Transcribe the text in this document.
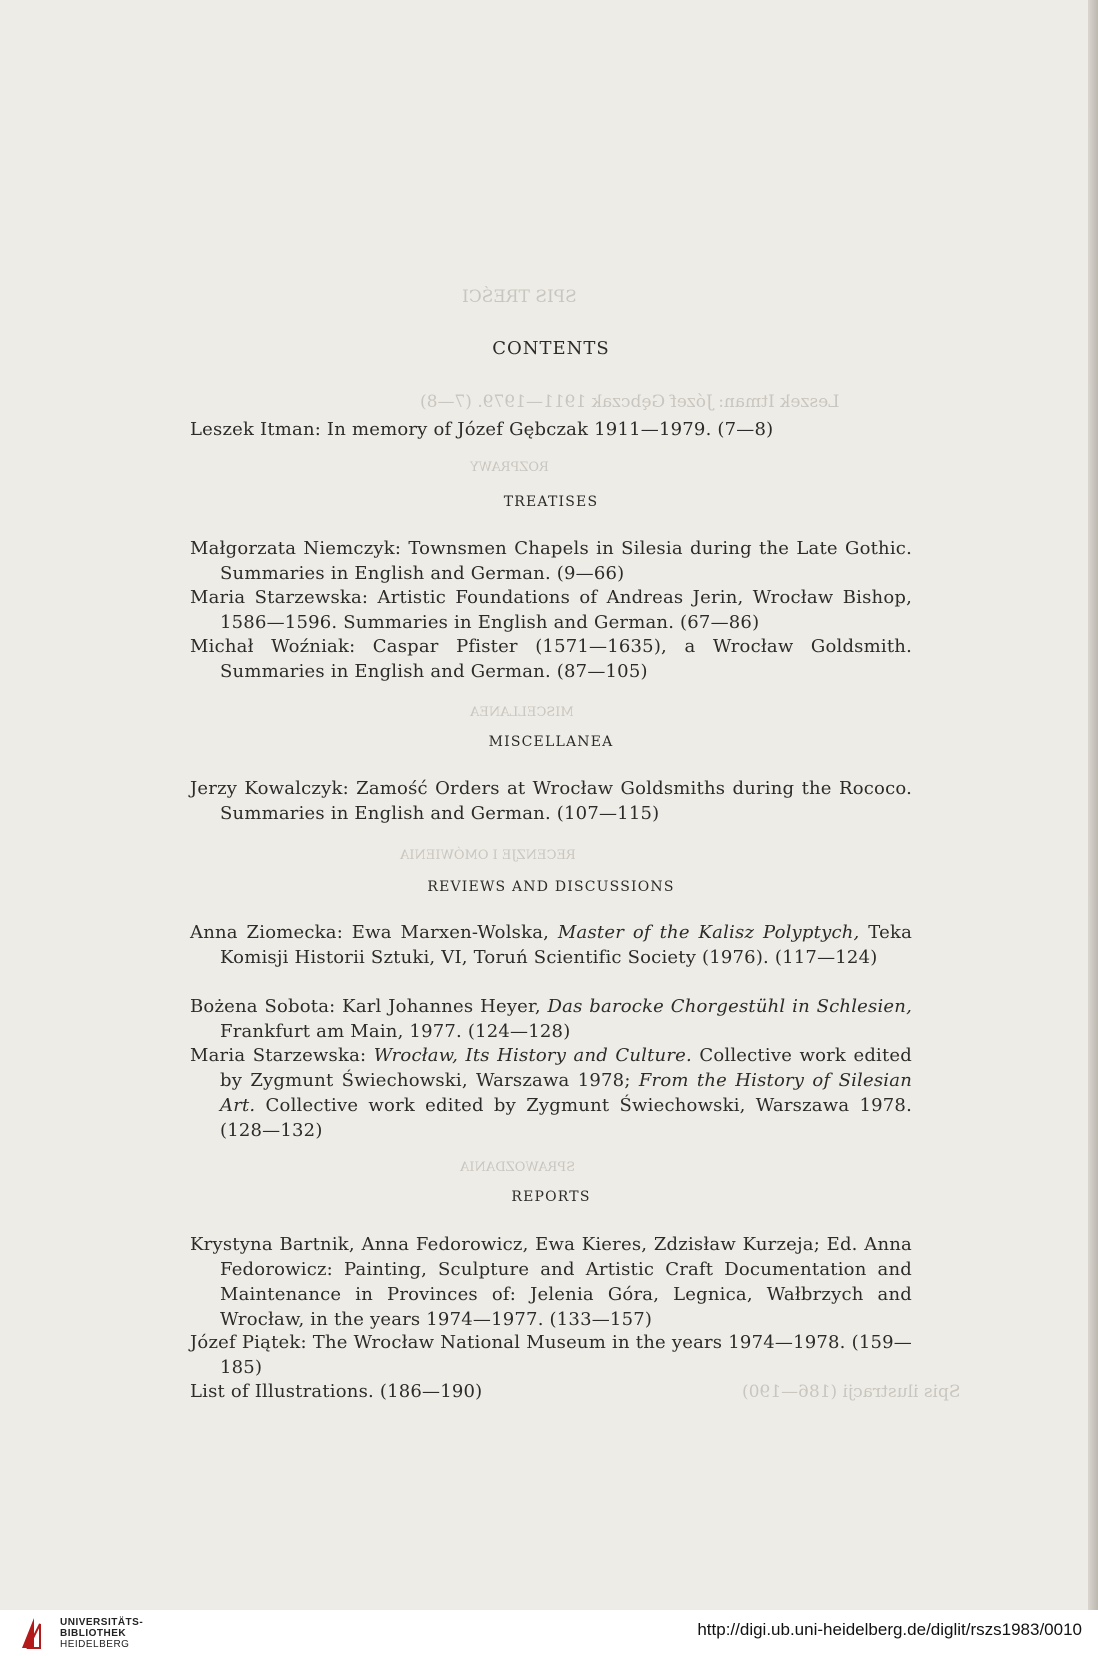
SPIS TREŚCI
Leszek Itman: Józef Gębczak 1911—1979. (7—8)
ROZPRAWY
MISCELLANEA
RECENZJE I OMÓWIENIA
SPRAWOZDANIA
Spis ilustracji (186—190)
CONTENTS
Leszek Itman: In memory of Józef Gębczak 1911—1979. (7—8)
TREATISES
Małgorzata Niemczyk: Townsmen Chapels in Silesia during the Late Gothic. Summaries in English and German. (9—66)
Maria Starzewska: Artistic Foundations of Andreas Jerin, Wrocław Bishop, 1586—1596. Summaries in English and German. (67—86)
Michał Woźniak: Caspar Pfister (1571—1635), a Wrocław Goldsmith. Summaries in English and German. (87—105)
MISCELLANEA
Jerzy Kowalczyk: Zamość Orders at Wrocław Goldsmiths during the Rococo. Summaries in English and German. (107—115)
REVIEWS AND DISCUSSIONS
Anna Ziomecka: Ewa Marxen-Wolska, Master of the Kalisz Polyptych, Teka Komisji Historii Sztuki, VI, Toruń Scientific Society (1976). (117—124)
Bożena Sobota: Karl Johannes Heyer, Das barocke Chorgestühl in Schlesien, Frankfurt am Main, 1977. (124—128)
Maria Starzewska: Wrocław, Its History and Culture. Collective work edited by Zygmunt Świechowski, Warszawa 1978; From the History of Silesian Art. Collective work edited by Zygmunt Świechowski, Warszawa 1978. (128—132)
REPORTS
Krystyna Bartnik, Anna Fedorowicz, Ewa Kieres, Zdzisław Kurzeja; Ed. Anna Fedorowicz: Painting, Sculpture and Artistic Craft Documentation and Maintenance in Provinces of: Jelenia Góra, Legnica, Wałbrzych and Wrocław, in the years 1974—1977. (133—157)
Józef Piątek: The Wrocław National Museum in the years 1974—1978. (159—185)
List of Illustrations. (186—190)
UNIVERSITÄTS-
BIBLIOTHEK
HEIDELBERG
http://digi.ub.uni-heidelberg.de/diglit/rszs1983/0010
